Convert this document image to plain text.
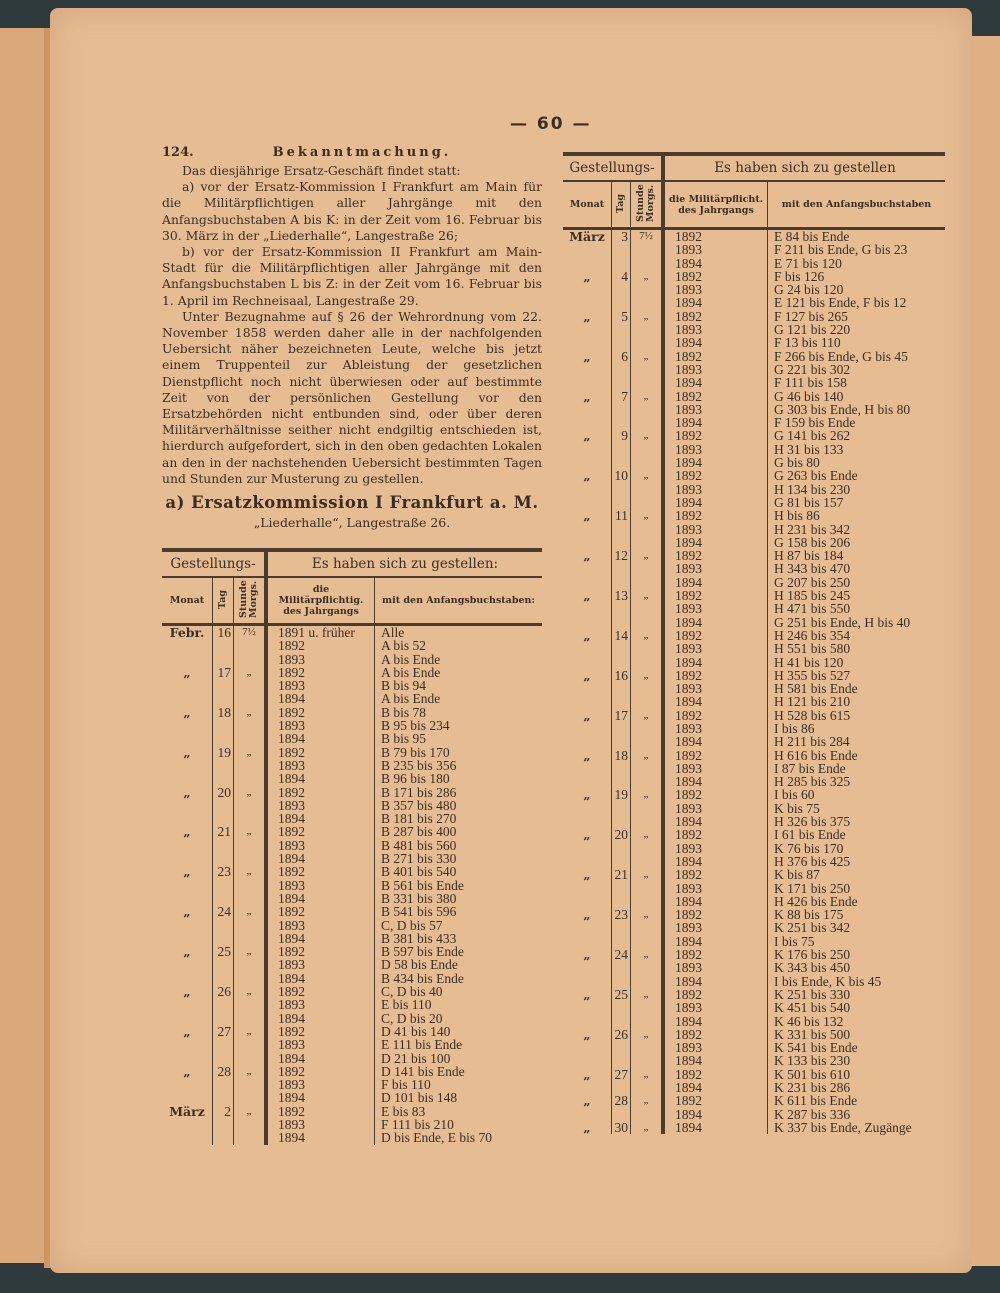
— 60 —
124.	Bekanntmachung.

Das diesjährige Ersatz-Geschäft findet statt:

a) vor der Ersatz-Kommission I Frankfurt am Main für die Militärpflichtigen aller Jahrgänge mit den Anfangsbuchstaben A bis K: in der Zeit vom 16. Februar bis 30. März in der „Liederhalle“, Langestraße 26;

b) vor der Ersatz-Kommission II Frankfurt am Main-Stadt für die Militärpflichtigen aller Jahrgänge mit den Anfangsbuchstaben L bis Z: in der Zeit vom 16. Februar bis 1. April im Rechneisaal, Langestraße 29.

Unter Bezugnahme auf § 26 der Wehrordnung vom 22. November 1858 werden daher alle in der nachfolgenden Uebersicht näher bezeichneten Leute, welche bis jetzt einem Truppenteil zur Ableistung der gesetzlichen Dienstpflicht noch nicht überwiesen oder auf bestimmte Zeit von der persönlichen Gestellung vor den Ersatzbehörden nicht entbunden sind, oder über deren Militärverhältnisse seither nicht endgiltig entschieden ist, hierdurch aufgefordert, sich in den oben gedachten Lokalen an den in der nachstehenden Uebersicht bestimmten Tagen und Stunden zur Musterung zu gestellen.

a) Ersatzkommission I Frankfurt a. M.
„Liederhalle“, Langestraße 26.

Gestellungs-			Es haben sich zu gestellen:	
Monat	Tag	Stunde Morgs.	die Militärpflichtig. des Jahrgangs	mit den Anfangsbuchstaben:
Febr.	16	7½	1891 u. früher	Alle
			1892	A bis 52
			1893	A bis Ende
„	17	„	1892	A bis Ende
			1893	B bis 94
			1894	A bis Ende
„	18	„	1892	B bis 78
			1893	B 95 bis 234
			1894	B bis 95
„	19	„	1892	B 79 bis 170
			1893	B 235 bis 356
			1894	B 96 bis 180
„	20	„	1892	B 171 bis 286
			1893	B 357 bis 480
			1894	B 181 bis 270
„	21	„	1892	B 287 bis 400
			1893	B 481 bis 560
			1894	B 271 bis 330
„	23	„	1892	B 401 bis 540
			1893	B 561 bis Ende
			1894	B 331 bis 380
„	24	„	1892	B 541 bis 596
			1893	C, D bis 57
			1894	B 381 bis 433
„	25	„	1892	B 597 bis Ende
			1893	D 58 bis Ende
			1894	B 434 bis Ende
„	26	„	1892	C, D bis 40
			1893	E bis 110
			1894	C, D bis 20
„	27	„	1892	D 41 bis 140
			1893	E 111 bis Ende
			1894	D 21 bis 100
„	28	„	1892	D 141 bis Ende
			1893	F bis 110
			1894	D 101 bis 148
März	2	„	1892	E bis 83
			1893	F 111 bis 210
			1894	D bis Ende, E bis 70

Gestellungs-			Es haben sich zu gestellen	
Monat	Tag	Stunde Morgs.	die Militärpflicht. des Jahrgangs	mit den Anfangsbuchstaben
März	3	7½	1892	E 84 bis Ende
			1893	F 211 bis Ende, G bis 23
			1894	E 71 bis 120
„	4	„	1892	F bis 126
			1893	G 24 bis 120
			1894	E 121 bis Ende, F bis 12
„	5	„	1892	F 127 bis 265
			1893	G 121 bis 220
			1894	F 13 bis 110
„	6	„	1892	F 266 bis Ende, G bis 45
			1893	G 221 bis 302
			1894	F 111 bis 158
„	7	„	1892	G 46 bis 140
			1893	G 303 bis Ende, H bis 80
			1894	F 159 bis Ende
„	9	„	1892	G 141 bis 262
			1893	H 31 bis 133
			1894	G bis 80
„	10	„	1892	G 263 bis Ende
			1893	H 134 bis 230
			1894	G 81 bis 157
„	11	„	1892	H bis 86
			1893	H 231 bis 342
			1894	G 158 bis 206
„	12	„	1892	H 87 bis 184
			1893	H 343 bis 470
			1894	G 207 bis 250
„	13	„	1892	H 185 bis 245
			1893	H 471 bis 550
			1894	G 251 bis Ende, H bis 40
„	14	„	1892	H 246 bis 354
			1893	H 551 bis 580
			1894	H 41 bis 120
„	16	„	1892	H 355 bis 527
			1893	H 581 bis Ende
			1894	H 121 bis 210
„	17	„	1892	H 528 bis 615
			1893	I bis 86
			1894	H 211 bis 284
„	18	„	1892	H 616 bis Ende
			1893	I 87 bis Ende
			1894	H 285 bis 325
„	19	„	1892	I bis 60
			1893	K bis 75
			1894	H 326 bis 375
„	20	„	1892	I 61 bis Ende
			1893	K 76 bis 170
			1894	H 376 bis 425
„	21	„	1892	K bis 87
			1893	K 171 bis 250
			1894	H 426 bis Ende
„	23	„	1892	K 88 bis 175
			1893	K 251 bis 342
			1894	I bis 75
„	24	„	1892	K 176 bis 250
			1893	K 343 bis 450
			1894	I bis Ende, K bis 45
„	25	„	1892	K 251 bis 330
			1893	K 451 bis 540
			1894	K 46 bis 132
„	26	„	1892	K 331 bis 500
			1893	K 541 bis Ende
			1894	K 133 bis 230
„	27	„	1892	K 501 bis 610
			1894	K 231 bis 286
„	28	„	1892	K 611 bis Ende
			1894	K 287 bis 336
„	30	„	1894	K 337 bis Ende, Zugänge
